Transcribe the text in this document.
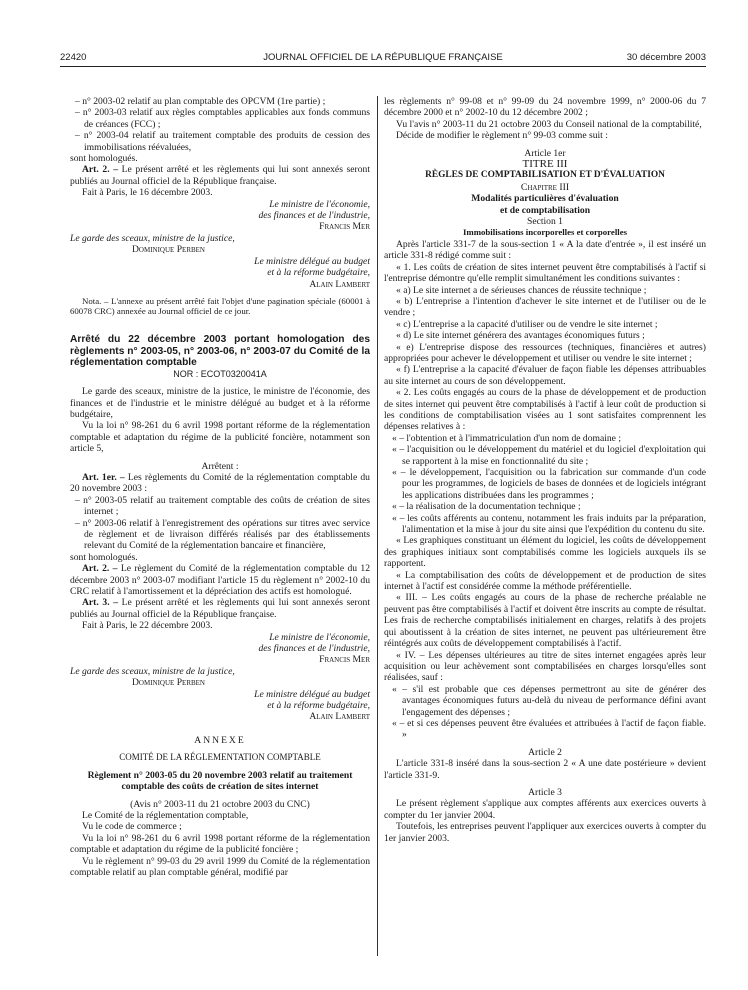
22420	JOURNAL OFFICIEL DE LA RÉPUBLIQUE FRANÇAISE	30 décembre 2003

– n° 2003-02 relatif au plan comptable des OPCVM (1re partie) ;

– n° 2003-03 relatif aux règles comptables applicables aux fonds communs de créances (FCC) ;

– n° 2003-04 relatif au traitement comptable des produits de cession des immobilisations réévaluées,

sont homologués.

Art. 2. – Le présent arrêté et les règlements qui lui sont annexés seront publiés au Journal officiel de la République française.

Fait à Paris, le 16 décembre 2003.

Le ministre de l'économie,

des finances et de l'industrie,

Francis Mer

Le garde des sceaux, ministre de la justice,

Dominique Perben

Le ministre délégué au budget

et à la réforme budgétaire,

Alain Lambert

Nota. – L'annexe au présent arrêté fait l'objet d'une pagination spéciale (60001 à 60078 CRC) annexée au Journal officiel de ce jour.

Arrêté du 22 décembre 2003 portant homologation des règlements n° 2003-05, n° 2003-06, n° 2003-07 du Comité de la réglementation comptable

NOR : ECOT0320041A

Le garde des sceaux, ministre de la justice, le ministre de l'économie, des finances et de l'industrie et le ministre délégué au budget et à la réforme budgétaire,

Vu la loi n° 98-261 du 6 avril 1998 portant réforme de la réglementation comptable et adaptation du régime de la publicité foncière, notamment son article 5,

Arrêtent :

Art. 1er. – Les règlements du Comité de la réglementation comptable du 20 novembre 2003 :

– n° 2003-05 relatif au traitement comptable des coûts de création de sites internet ;

– n° 2003-06 relatif à l'enregistrement des opérations sur titres avec service de règlement et de livraison différés réalisés par des établissements relevant du Comité de la réglementation bancaire et financière,

sont homologués.

Art. 2. – Le règlement du Comité de la réglementation comptable du 12 décembre 2003 n° 2003-07 modifiant l'article 15 du règlement n° 2002-10 du CRC relatif à l'amortissement et la dépréciation des actifs est homologué.

Art. 3. – Le présent arrêté et les règlements qui lui sont annexés seront publiés au Journal officiel de la République française.

Fait à Paris, le 22 décembre 2003.

Le ministre de l'économie,

des finances et de l'industrie,

Francis Mer

Le garde des sceaux, ministre de la justice,

Dominique Perben

Le ministre délégué au budget

et à la réforme budgétaire,

Alain Lambert

ANNEXE

COMITÉ DE LA RÉGLEMENTATION COMPTABLE

Règlement n° 2003-05 du 20 novembre 2003 relatif au traitement comptable des coûts de création de sites internet

(Avis n° 2003-11 du 21 octobre 2003 du CNC)

Le Comité de la réglementation comptable,

Vu le code de commerce ;

Vu la loi n° 98-261 du 6 avril 1998 portant réforme de la réglementation comptable et adaptation du régime de la publicité foncière ;

Vu le règlement n° 99-03 du 29 avril 1999 du Comité de la réglementation comptable relatif au plan comptable général, modifié par

les règlements n° 99-08 et n° 99-09 du 24 novembre 1999, n° 2000-06 du 7 décembre 2000 et n° 2002-10 du 12 décembre 2002 ;

Vu l'avis n° 2003-11 du 21 octobre 2003 du Conseil national de la comptabilité,

Décide de modifier le règlement n° 99-03 comme suit :

Article 1er

TITRE III

RÈGLES DE COMPTABILISATION ET D'ÉVALUATION

Chapitre III

Modalités particulières d'évaluation

et de comptabilisation

Section 1

Immobilisations incorporelles et corporelles

Après l'article 331-7 de la sous-section 1 « A la date d'entrée », il est inséré un article 331-8 rédigé comme suit :

« 1. Les coûts de création de sites internet peuvent être comptabilisés à l'actif si l'entreprise démontre qu'elle remplit simultanément les conditions suivantes :

« a) Le site internet a de sérieuses chances de réussite technique ;

« b) L'entreprise a l'intention d'achever le site internet et de l'utiliser ou de le vendre ;

« c) L'entreprise a la capacité d'utiliser ou de vendre le site internet ;

« d) Le site internet générera des avantages économiques futurs ;

« e) L'entreprise dispose des ressources (techniques, financières et autres) appropriées pour achever le développement et utiliser ou vendre le site internet ;

« f) L'entreprise a la capacité d'évaluer de façon fiable les dépenses attribuables au site internet au cours de son développement.

« 2. Les coûts engagés au cours de la phase de développement et de production de sites internet qui peuvent être comptabilisés à l'actif à leur coût de production si les conditions de comptabilisation visées au 1 sont satisfaites comprennent les dépenses relatives à :

« – l'obtention et à l'immatriculation d'un nom de domaine ;

« – l'acquisition ou le développement du matériel et du logiciel d'exploitation qui se rapportent à la mise en fonctionnalité du site ;

« – le développement, l'acquisition ou la fabrication sur commande d'un code pour les programmes, de logiciels de bases de données et de logiciels intégrant les applications distribuées dans les programmes ;

« – la réalisation de la documentation technique ;

« – les coûts afférents au contenu, notamment les frais induits par la préparation, l'alimentation et la mise à jour du site ainsi que l'expédition du contenu du site.

« Les graphiques constituant un élément du logiciel, les coûts de développement des graphiques initiaux sont comptabilisés comme les logiciels auxquels ils se rapportent.

« La comptabilisation des coûts de développement et de production de sites internet à l'actif est considérée comme la méthode préférentielle.

« III. – Les coûts engagés au cours de la phase de recherche préalable ne peuvent pas être comptabilisés à l'actif et doivent être inscrits au compte de résultat. Les frais de recherche comptabilisés initialement en charges, relatifs à des projets qui aboutissent à la création de sites internet, ne peuvent pas ultérieurement être réintégrés aux coûts de développement comptabilisés à l'actif.

« IV. – Les dépenses ultérieures au titre de sites internet engagées après leur acquisition ou leur achèvement sont comptabilisées en charges lorsqu'elles sont réalisées, sauf :

« – s'il est probable que ces dépenses permettront au site de générer des avantages économiques futurs au-delà du niveau de performance défini avant l'engagement des dépenses ;

« – et si ces dépenses peuvent être évaluées et attribuées à l'actif de façon fiable. »

Article 2

L'article 331-8 inséré dans la sous-section 2 « A une date postérieure » devient l'article 331-9.

Article 3

Le présent règlement s'applique aux comptes afférents aux exercices ouverts à compter du 1er janvier 2004.

Toutefois, les entreprises peuvent l'appliquer aux exercices ouverts à compter du 1er janvier 2003.
